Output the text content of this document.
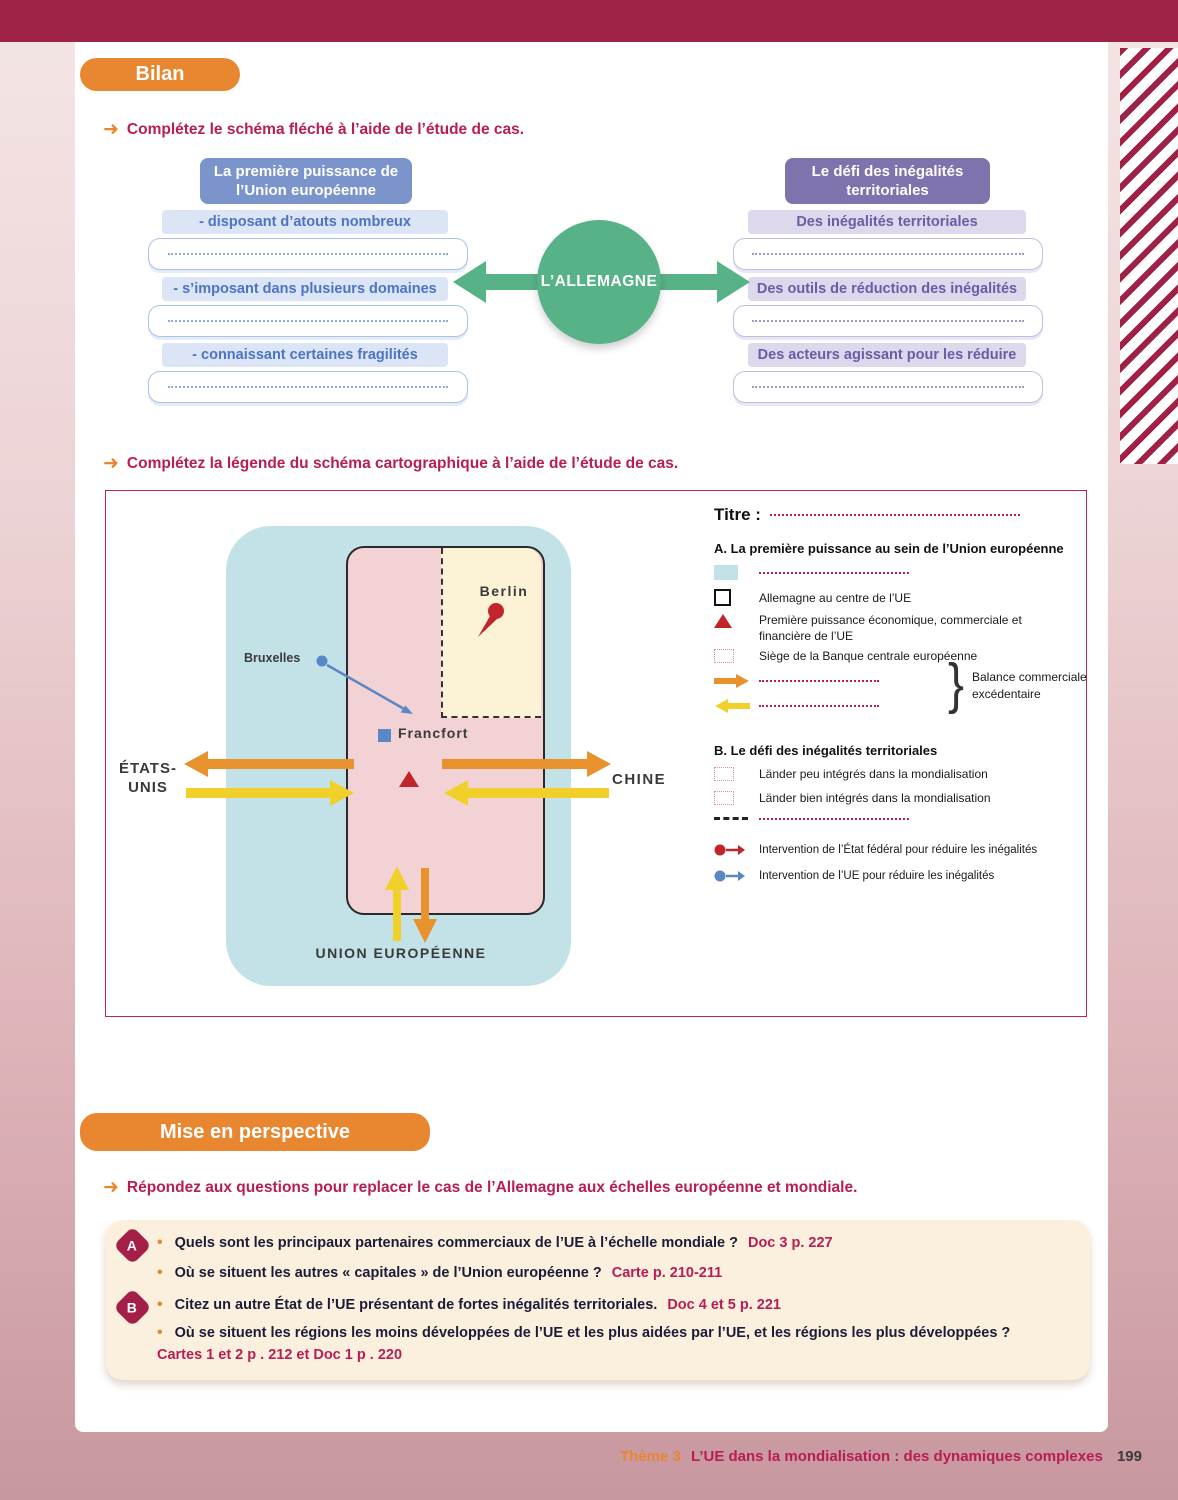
Bilan
➜
Complétez le schéma fléché à l’aide de l’étude de cas.
La première puissance de l’Union européenne
Le défi des inégalités territoriales
- disposant d’atouts nombreux
- s’imposant dans plusieurs domaines
- connaissant certaines fragilités
Des inégalités territoriales
Des outils de réduction des inégalités
Des acteurs agissant pour les réduire
L’ALLEMAGNE
➜
Complétez la légende du schéma cartographique à l’aide de l’étude de cas.
Berlin
Bruxelles
Francfort
ÉTATS-UNIS	CHINE
UNION EUROPÉENNE
Titre :
A. La première puissance au sein de l’Union européenne
Allemagne au centre de l’UE
Première puissance économique, commerciale et financière de l’UE
Siège de la Banque centrale européenne
}
Balance commerciale
excédentaire
B. Le défi des inégalités territoriales
Länder peu intégrés dans la mondialisation
Länder bien intégrés dans la mondialisation
Intervention de l’État fédéral pour réduire les inégalités
Intervention de l’UE pour réduire les inégalités
Mise en perspective
➜
Répondez aux questions pour replacer le cas de l’Allemagne aux échelles européenne et mondiale.
A	• Quels sont les principaux partenaires commerciaux de l’UE à l’échelle mondiale ? Doc 3 p. 227
• Où se situent les autres « capitales » de l’Union européenne ? Carte p. 210-211
B	• Citez un autre État de l’UE présentant de fortes inégalités territoriales. Doc 4 et 5 p. 221
• Où se situent les régions les moins développées de l’UE et les plus aidées par l’UE, et les régions les plus développées ?
Cartes 1 et 2 p . 212 et Doc 1 p . 220
Thème 3 L’UE dans la mondialisation : des dynamiques complexes 199
